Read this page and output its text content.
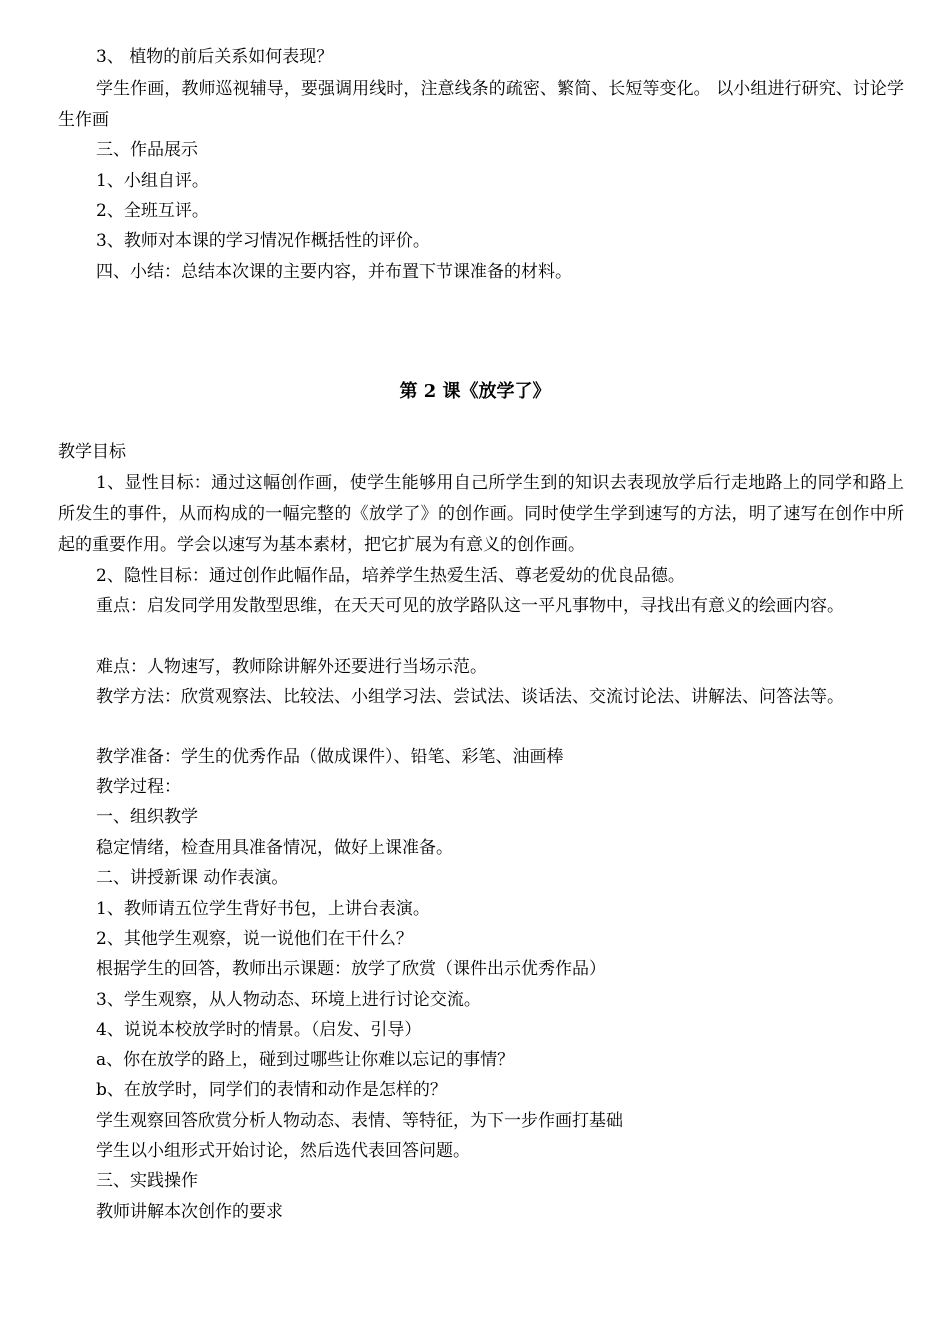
3、 植物的前后关系如何表现？
学生作画，教师巡视辅导，要强调用线时，注意线条的疏密、繁简、长短等变化。 以小组进行研究、讨论学生作画
三、作品展示
1、小组自评。
2、全班互评。
3、教师对本课的学习情况作概括性的评价。
四、小结：总结本次课的主要内容，并布置下节课准备的材料。
第 2 课《放学了》
教学目标
1、显性目标：通过这幅创作画，使学生能够用自己所学生到的知识去表现放学后行走地路上的同学和路上所发生的事件，从而构成的一幅完整的《放学了》的创作画。同时使学生学到速写的方法，明了速写在创作中所起的重要作用。学会以速写为基本素材，把它扩展为有意义的创作画。
2、隐性目标：通过创作此幅作品，培养学生热爱生活、尊老爱幼的优良品德。
重点：启发同学用发散型思维，在天天可见的放学路队这一平凡事物中，寻找出有意义的绘画内容。
难点：人物速写，教师除讲解外还要进行当场示范。
教学方法：欣赏观察法、比较法、小组学习法、尝试法、谈话法、交流讨论法、讲解法、问答法等。
教学准备：学生的优秀作品（做成课件）、铅笔、彩笔、油画棒
教学过程：
一、组织教学
稳定情绪，检查用具准备情况，做好上课准备。
二、讲授新课 动作表演。
1、教师请五位学生背好书包，上讲台表演。
2、其他学生观察，说一说他们在干什么？
根据学生的回答，教师出示课题：放学了欣赏（课件出示优秀作品）
3、学生观察，从人物动态、环境上进行讨论交流。
4、说说本校放学时的情景。（启发、引导）
a、你在放学的路上，碰到过哪些让你难以忘记的事情？
b、在放学时，同学们的表情和动作是怎样的？
学生观察回答欣赏分析人物动态、表情、等特征，为下一步作画打基础
学生以小组形式开始讨论，然后选代表回答问题。
三、实践操作
教师讲解本次创作的要求
